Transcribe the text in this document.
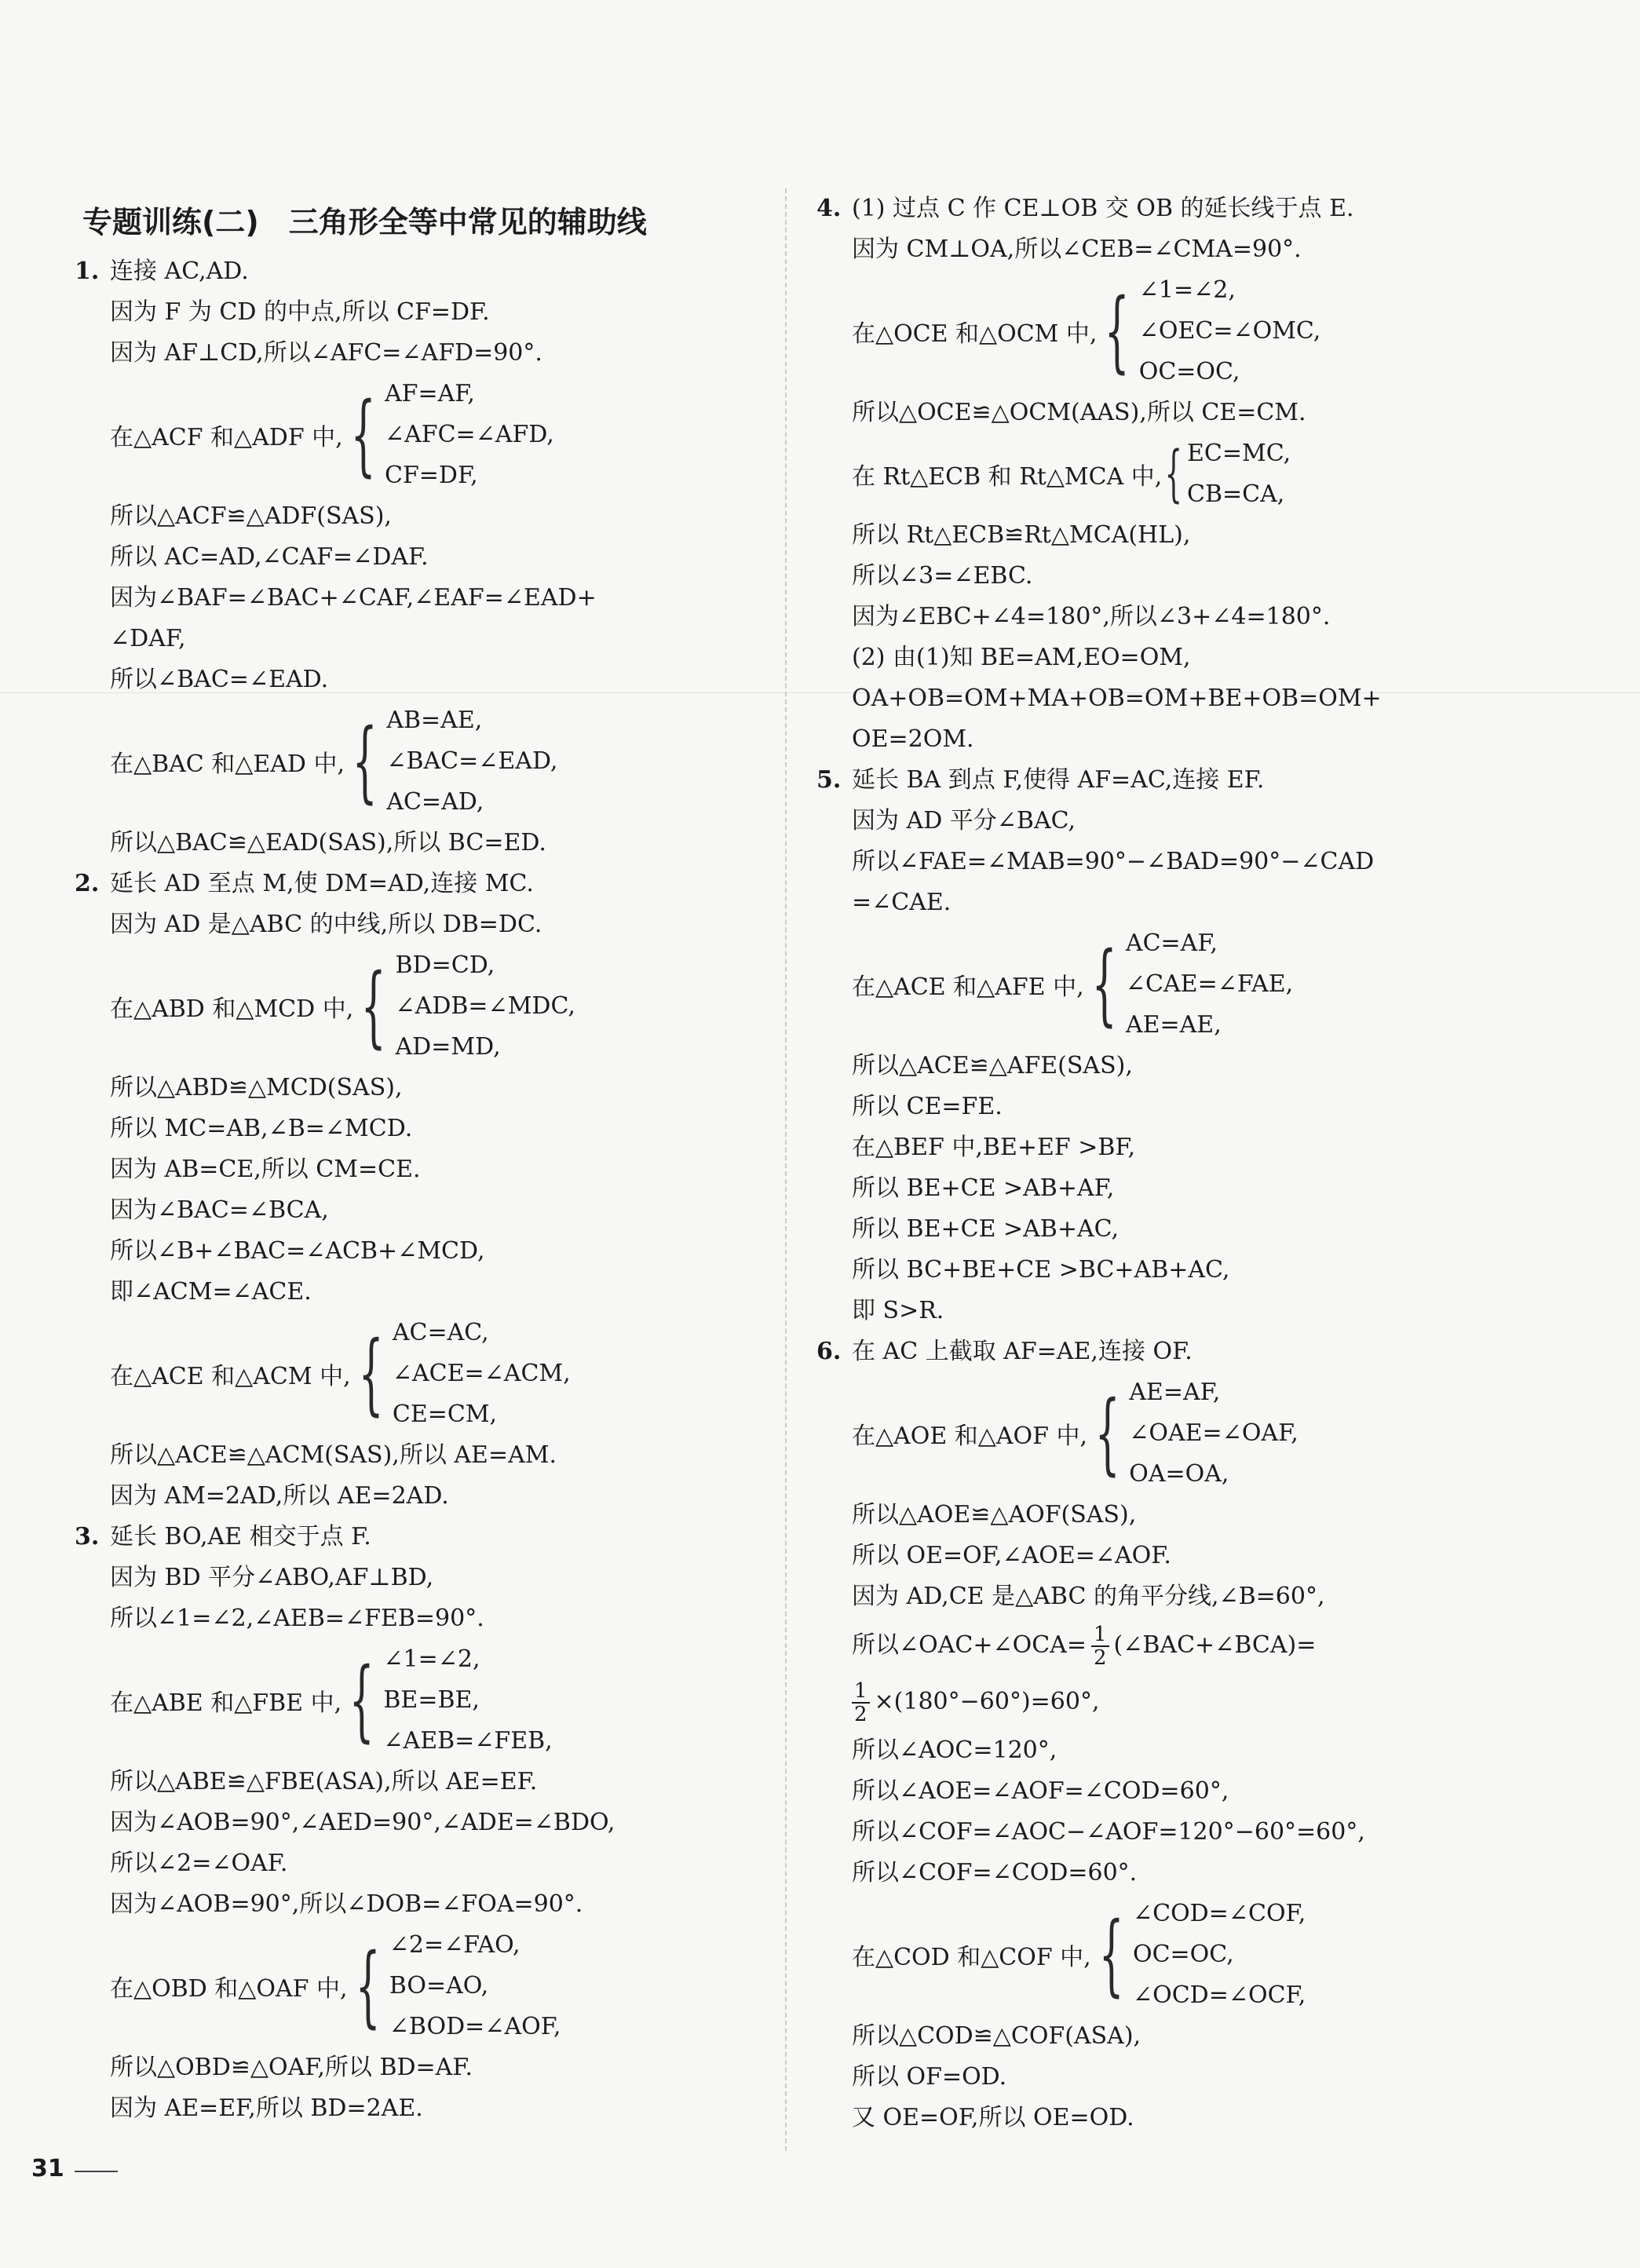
专题训练(二)　三角形全等中常见的辅助线
1. 连接 AC,AD.
因为 F 为 CD 的中点,所以 CF=DF.
因为 AF⊥CD,所以∠AFC=∠AFD=90°.
在△ACF 和△ADF 中, { AF=AF,
∠AFC=∠AFD,
CF=DF,
所以△ACF≌△ADF(SAS),
所以 AC=AD,∠CAF=∠DAF.
因为∠BAF=∠BAC+∠CAF,∠EAF=∠EAD+
∠DAF,
所以∠BAC=∠EAD.
在△BAC 和△EAD 中, { AB=AE,
∠BAC=∠EAD,
AC=AD,
所以△BAC≌△EAD(SAS),所以 BC=ED.
2. 延长 AD 至点 M,使 DM=AD,连接 MC.
因为 AD 是△ABC 的中线,所以 DB=DC.
在△ABD 和△MCD 中, { BD=CD,
∠ADB=∠MDC,
AD=MD,
所以△ABD≌△MCD(SAS),
所以 MC=AB,∠B=∠MCD.
因为 AB=CE,所以 CM=CE.
因为∠BAC=∠BCA,
所以∠B+∠BAC=∠ACB+∠MCD,
即∠ACM=∠ACE.
在△ACE 和△ACM 中, { AC=AC,
∠ACE=∠ACM,
CE=CM,
所以△ACE≌△ACM(SAS),所以 AE=AM.
因为 AM=2AD,所以 AE=2AD.
3. 延长 BO,AE 相交于点 F.
因为 BD 平分∠ABO,AF⊥BD,
所以∠1=∠2,∠AEB=∠FEB=90°.
在△ABE 和△FBE 中, { ∠1=∠2,
BE=BE,
∠AEB=∠FEB,
所以△ABE≌△FBE(ASA),所以 AE=EF.
因为∠AOB=90°,∠AED=90°,∠ADE=∠BDO,
所以∠2=∠OAF.
因为∠AOB=90°,所以∠DOB=∠FOA=90°.
在△OBD 和△OAF 中, { ∠2=∠FAO,
BO=AO,
∠BOD=∠AOF,
所以△OBD≌△OAF,所以 BD=AF.
因为 AE=EF,所以 BD=2AE.
4. (1) 过点 C 作 CE⊥OB 交 OB 的延长线于点 E.
因为 CM⊥OA,所以∠CEB=∠CMA=90°.
在△OCE 和△OCM 中, { ∠1=∠2,
∠OEC=∠OMC,
OC=OC,
所以△OCE≌△OCM(AAS),所以 CE=CM.
在 Rt△ECB 和 Rt△MCA 中, { EC=MC,
CB=CA,
所以 Rt△ECB≌Rt△MCA(HL),
所以∠3=∠EBC.
因为∠EBC+∠4=180°,所以∠3+∠4=180°.
(2) 由(1)知 BE=AM,EO=OM,
OA+OB=OM+MA+OB=OM+BE+OB=OM+
OE=2OM.
5. 延长 BA 到点 F,使得 AF=AC,连接 EF.
因为 AD 平分∠BAC,
所以∠FAE=∠MAB=90°−∠BAD=90°−∠CAD
=∠CAE.
在△ACE 和△AFE 中, { AC=AF,
∠CAE=∠FAE,
AE=AE,
所以△ACE≌△AFE(SAS),
所以 CE=FE.
在△BEF 中,BE+EF >BF,
所以 BE+CE >AB+AF,
所以 BE+CE >AB+AC,
所以 BC+BE+CE >BC+AB+AC,
即 S>R.
6. 在 AC 上截取 AF=AE,连接 OF.
在△AOE 和△AOF 中, { AE=AF,
∠OAE=∠OAF,
OA=OA,
所以△AOE≌△AOF(SAS),
所以 OE=OF,∠AOE=∠AOF.
因为 AD,CE 是△ABC 的角平分线,∠B=60°,
所以∠OAC+∠OCA= $\frac{1}{2}$ (∠BAC+∠BCA)=
$\frac{1}{2} \times(180^\circ-60^\circ)=60^\circ$,
所以∠AOC=120°,
所以∠AOE=∠AOF=∠COD=60°,
所以∠COF=∠AOC−∠AOF=120°−60°=60°,
所以∠COF=∠COD=60°.
在△COD 和△COF 中, { ∠COD=∠COF,
OC=OC,
∠OCD=∠OCF,
所以△COD≌△COF(ASA),
所以 OF=OD.
又 OE=OF,所以 OE=OD.
31
